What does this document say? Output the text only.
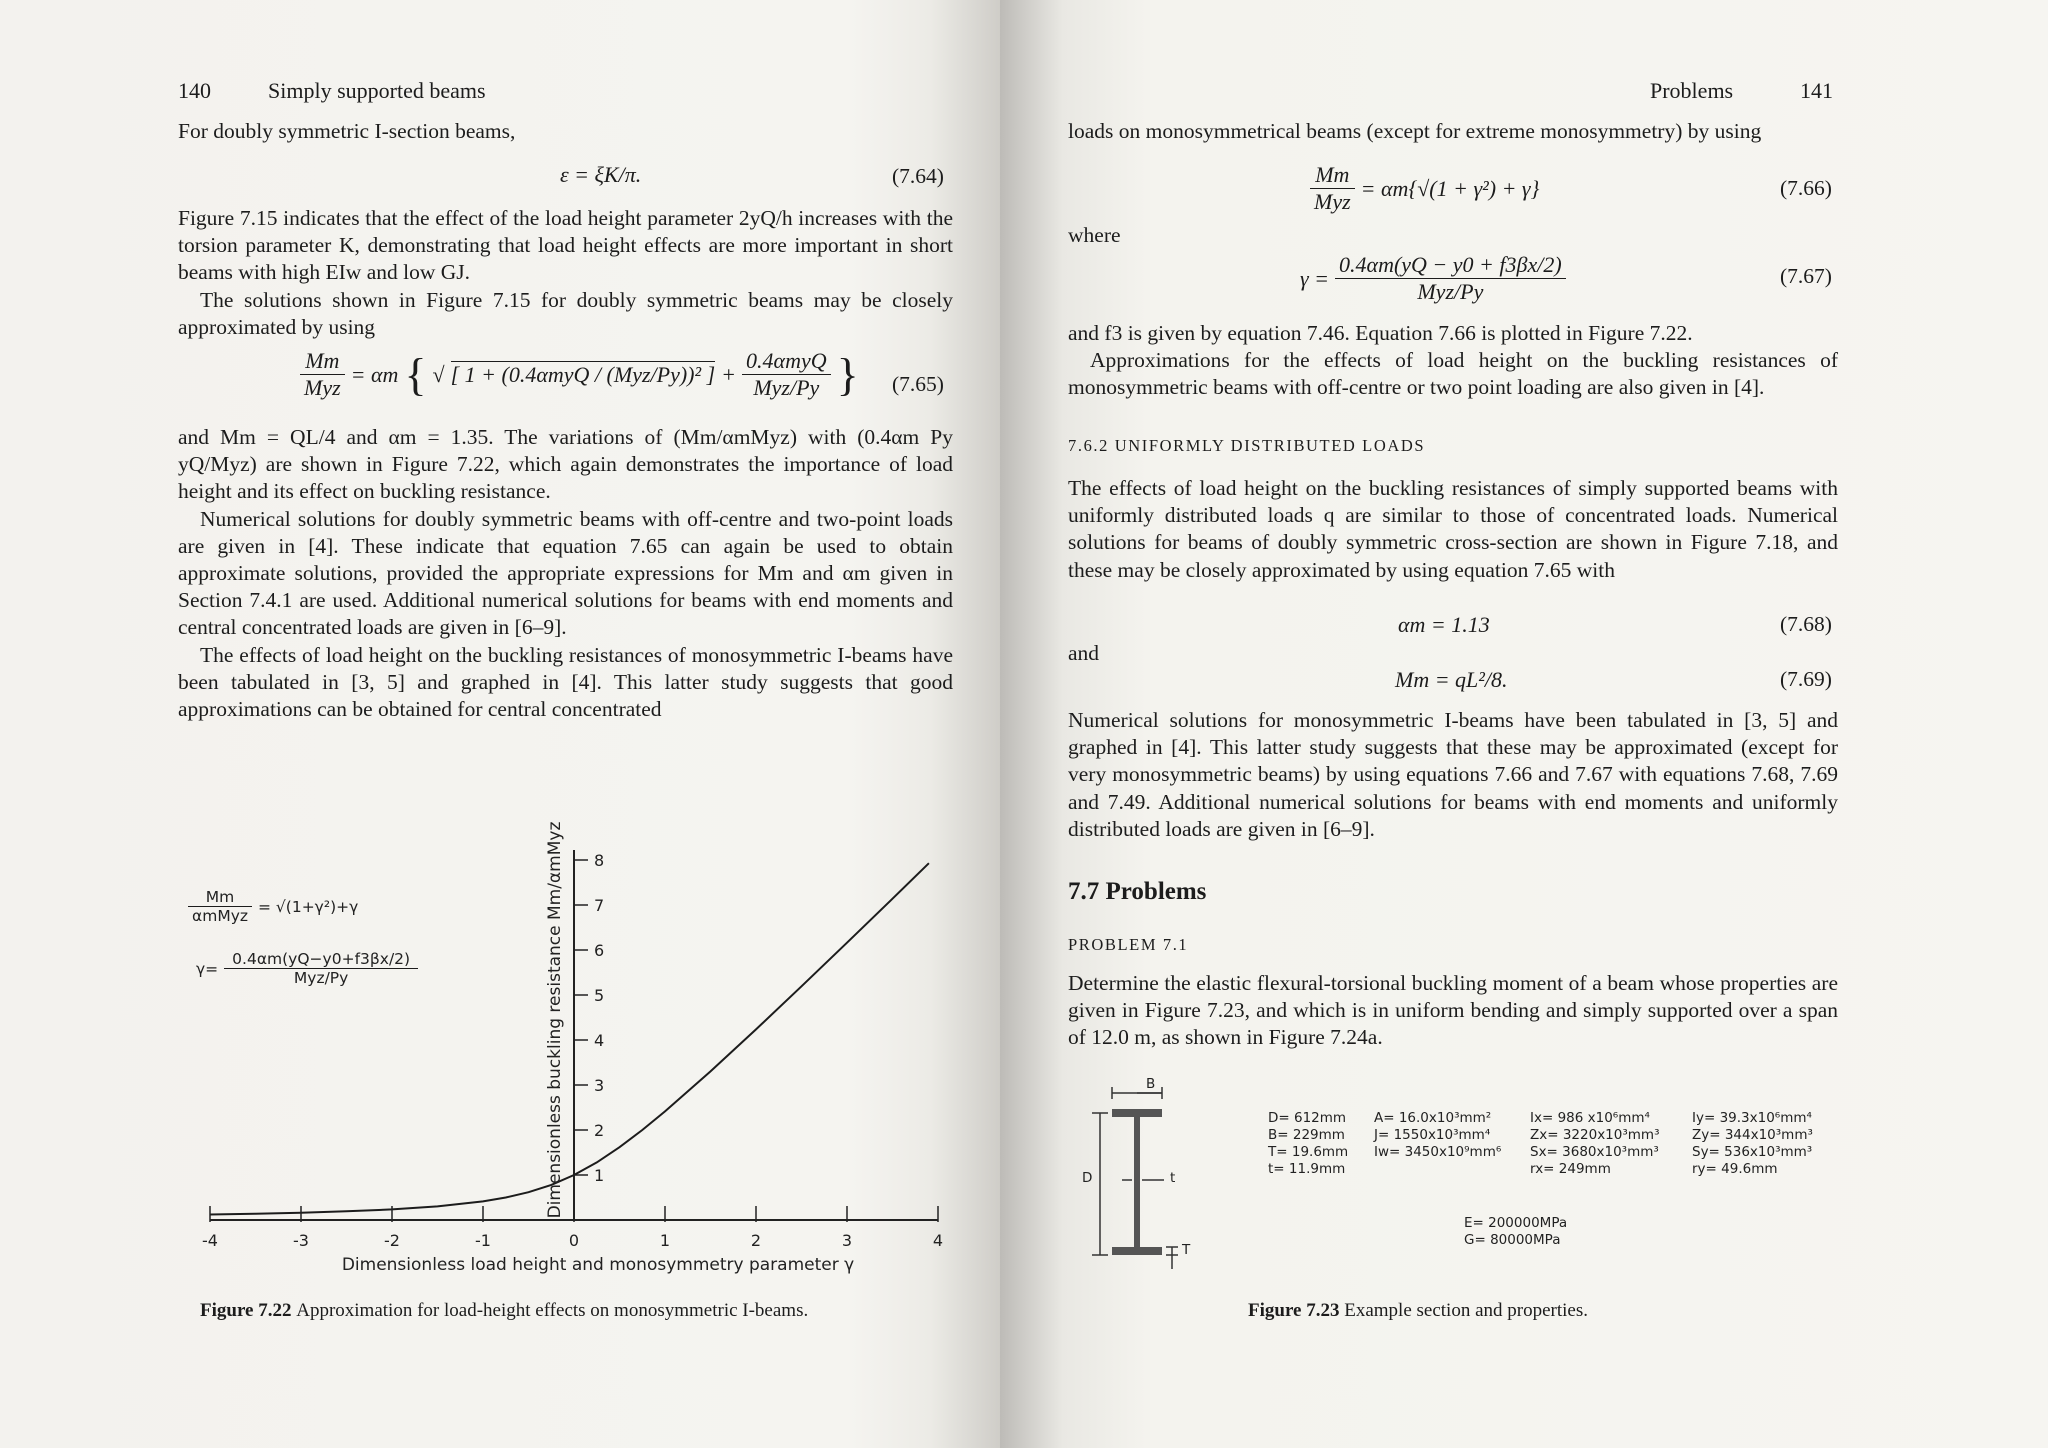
140	Simply supported beams
For doubly symmetric I-section beams,
ε = ξK/π.	(7.64)

Figure 7.15 indicates that the effect of the load height parameter 2yQ/h increases with the torsion parameter K, demonstrating that load height effects are more important in short beams with high EIw and low GJ.

The solutions shown in Figure 7.15 for doubly symmetric beams may be closely approximated by using

$\frac{Mm}{\text{Myz}} = \alpha m$ { √ [ 1 + (0.4αmyQ / (Myz/Py))² ] + $\frac{\text{0.4αmyQ}}{\text{Myz/Py}}$ } (7.65)

and Mm = QL/4 and αm = 1.35. The variations of (Mm/αmMyz) with (0.4αm Py yQ/Myz) are shown in Figure 7.22, which again demonstrates the importance of load height and its effect on buckling resistance.

Numerical solutions for doubly symmetric beams with off-centre and two-point loads are given in [4]. These indicate that equation 7.65 can again be used to obtain approximate solutions, provided the appropriate expressions for Mm and αm given in Section 7.4.1 are used. Additional numerical solutions for beams with end moments and central concentrated loads are given in [6–9].

The effects of load height on the buckling resistances of monosymmetric I-beams have been tabulated in [3, 5] and graphed in [4]. This latter study suggests that good approximations can be obtained for central concentrated

-4	-3	-2	-1	0	1	2	3	4
1
2
3
4
5
6
7
8
Dimensionless load height and monosymmetry parameter γ
Dimensionless buckling resistance Mm/αmMyz
$\frac{Mm}{\text{αmMyz}} = √(1+\gamma^2)+\gamma$
$\gamma= \frac{0.4\alpha m(yQ-y0+f3\beta x/2)}{\text{Myz/Py}}$
Figure 7.22 Approximation for load-height effects on monosymmetric I-beams.
Problems	141
loads on monosymmetrical beams (except for extreme monosymmetry) by using
$\frac{Mm}{\text{Myz}} = \alpha m\{√(1 + \gamma^2) + \gamma\}$	(7.66)
where
$\gamma = \frac{0.4\alpha m(yQ - y0 + f3\beta x/2)}{\text{Myz/Py}}$	(7.67)

and f3 is given by equation 7.46. Equation 7.66 is plotted in Figure 7.22.

Approximations for the effects of load height on the buckling resistances of monosymmetric beams with off-centre or two point loading are also given in [4].

7.6.2 UNIFORMLY DISTRIBUTED LOADS
The effects of load height on the buckling resistances of simply supported beams with uniformly distributed loads q are similar to those of concentrated loads. Numerical solutions for beams of doubly symmetric cross-section are shown in Figure 7.18, and these may be closely approximated by using equation 7.65 with
αm = 1.13	(7.68)
and
Mm = qL²/8.	(7.69)
Numerical solutions for monosymmetric I-beams have been tabulated in [3, 5] and graphed in [4]. This latter study suggests that these may be approximated (except for very monosymmetric beams) by using equations 7.66 and 7.67 with equations 7.68, 7.69 and 7.49. Additional numerical solutions for beams with end moments and uniformly distributed loads are given in [6–9].
7.7 Problems
PROBLEM 7.1
Determine the elastic flexural-torsional buckling moment of a beam whose properties are given in Figure 7.23, and which is in uniform bending and simply supported over a span of 12.0 m, as shown in Figure 7.24a.
B
D	t
T
D= 612mm
B= 229mm
T= 19.6mm
t= 11.9mm
A= 16.0x10³mm²
J= 1550x10³mm⁴
Iw= 3450x10⁹mm⁶
Ix= 986 x10⁶mm⁴
Zx= 3220x10³mm³
Sx= 3680x10³mm³
rx= 249mm
Iy= 39.3x10⁶mm⁴
Zy= 344x10³mm³
Sy= 536x10³mm³
ry= 49.6mm
E= 200000MPa
G= 80000MPa
Figure 7.23 Example section and properties.
